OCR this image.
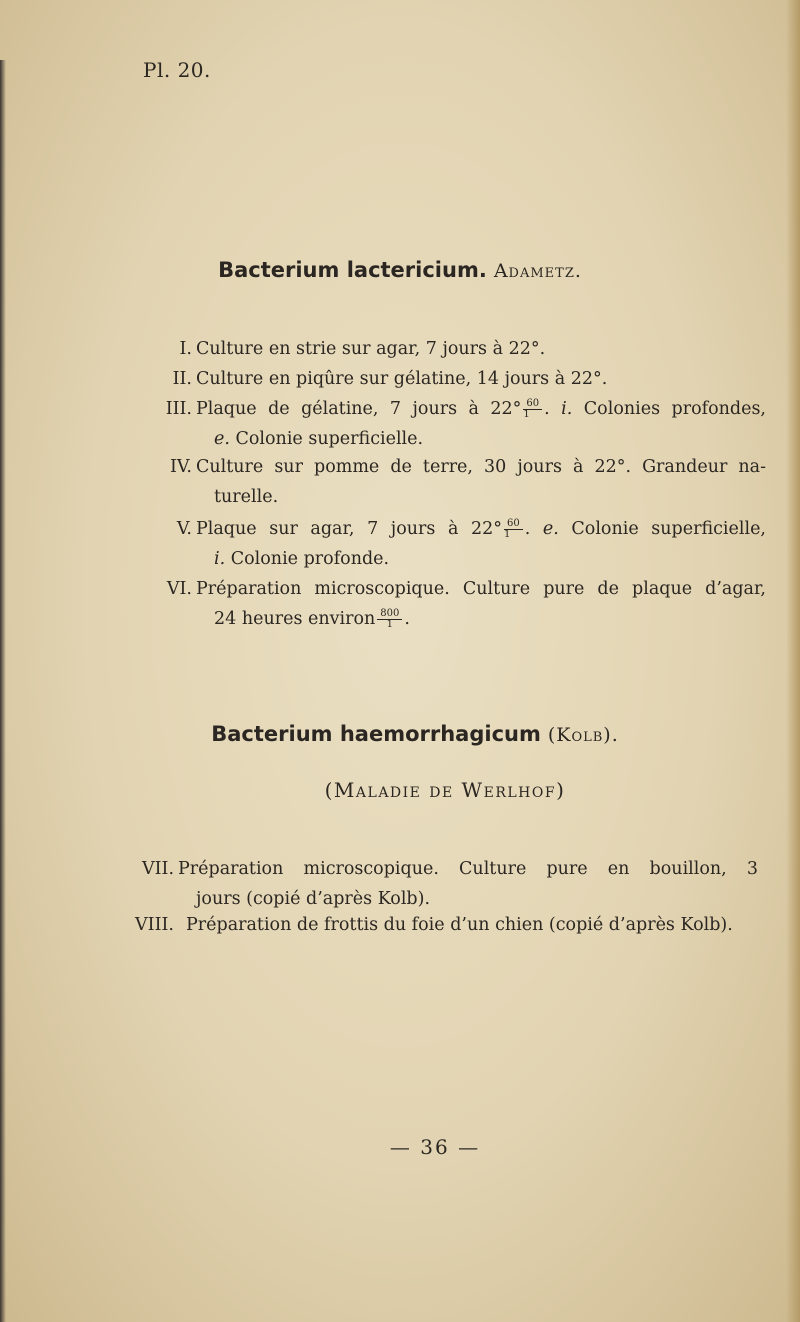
Pl. 20.
Bacterium lactericium. Adametz.
I. Culture en strie sur agar, 7 jours à 22°.
II. Culture en piqûre sur gélatine, 14 jours à 22°.
III. Plaque de gélatine, 7 jours à $22^\circ \frac{60}{1}$ . i. Colonies profondes,
e. Colonie superficielle.
IV. Culture sur pomme de terre, 30 jours à 22°. Grandeur na-
turelle.
V. Plaque sur agar, 7 jours à $22^\circ \frac{60}{1}$ . e. Colonie superficielle,
i. Colonie profonde.
VI. Préparation microscopique. Culture pure de plaque d’agar,
24 heures environ $\frac{800}{1}$ .
Bacterium haemorrhagicum (Kolb).
(Maladie de Werlhof)
VII. Préparation microscopique. Culture pure en bouillon, 3
jours (copié d’après Kolb).
VIII. Préparation de frottis du foie d’un chien (copié d’après Kolb).
— 36 —
